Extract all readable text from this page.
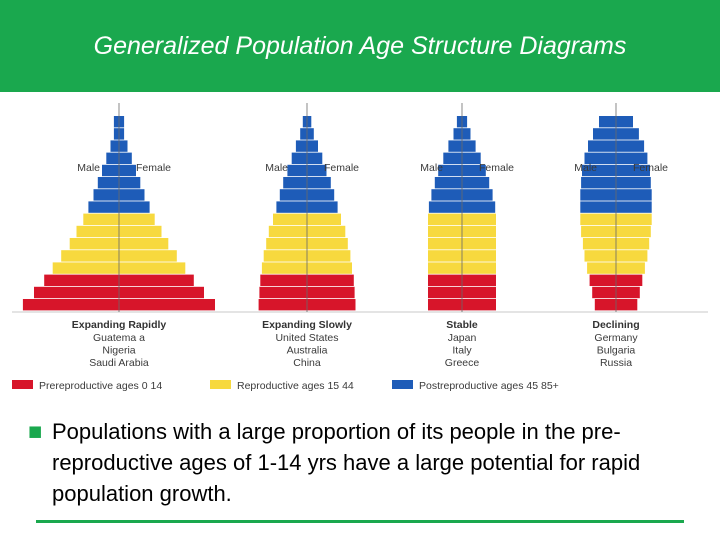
Generalized Population Age Structure Diagrams
Male	Female
Expanding Rapidly
Guatema a
Nigeria
Saudi Arabia
Male	Female
Expanding Slowly
United States
Australia
China
Male	Female
Stable
Japan
Italy
Greece
Male	Female
Declining
Germany
Bulgaria
Russia
Prereproductive ages 0 14	Reproductive ages 15 44	Postreproductive ages 45 85+
■ Populations with a large proportion of its people in the pre-reproductive ages of 1-14 yrs have a large potential for rapid population growth.
